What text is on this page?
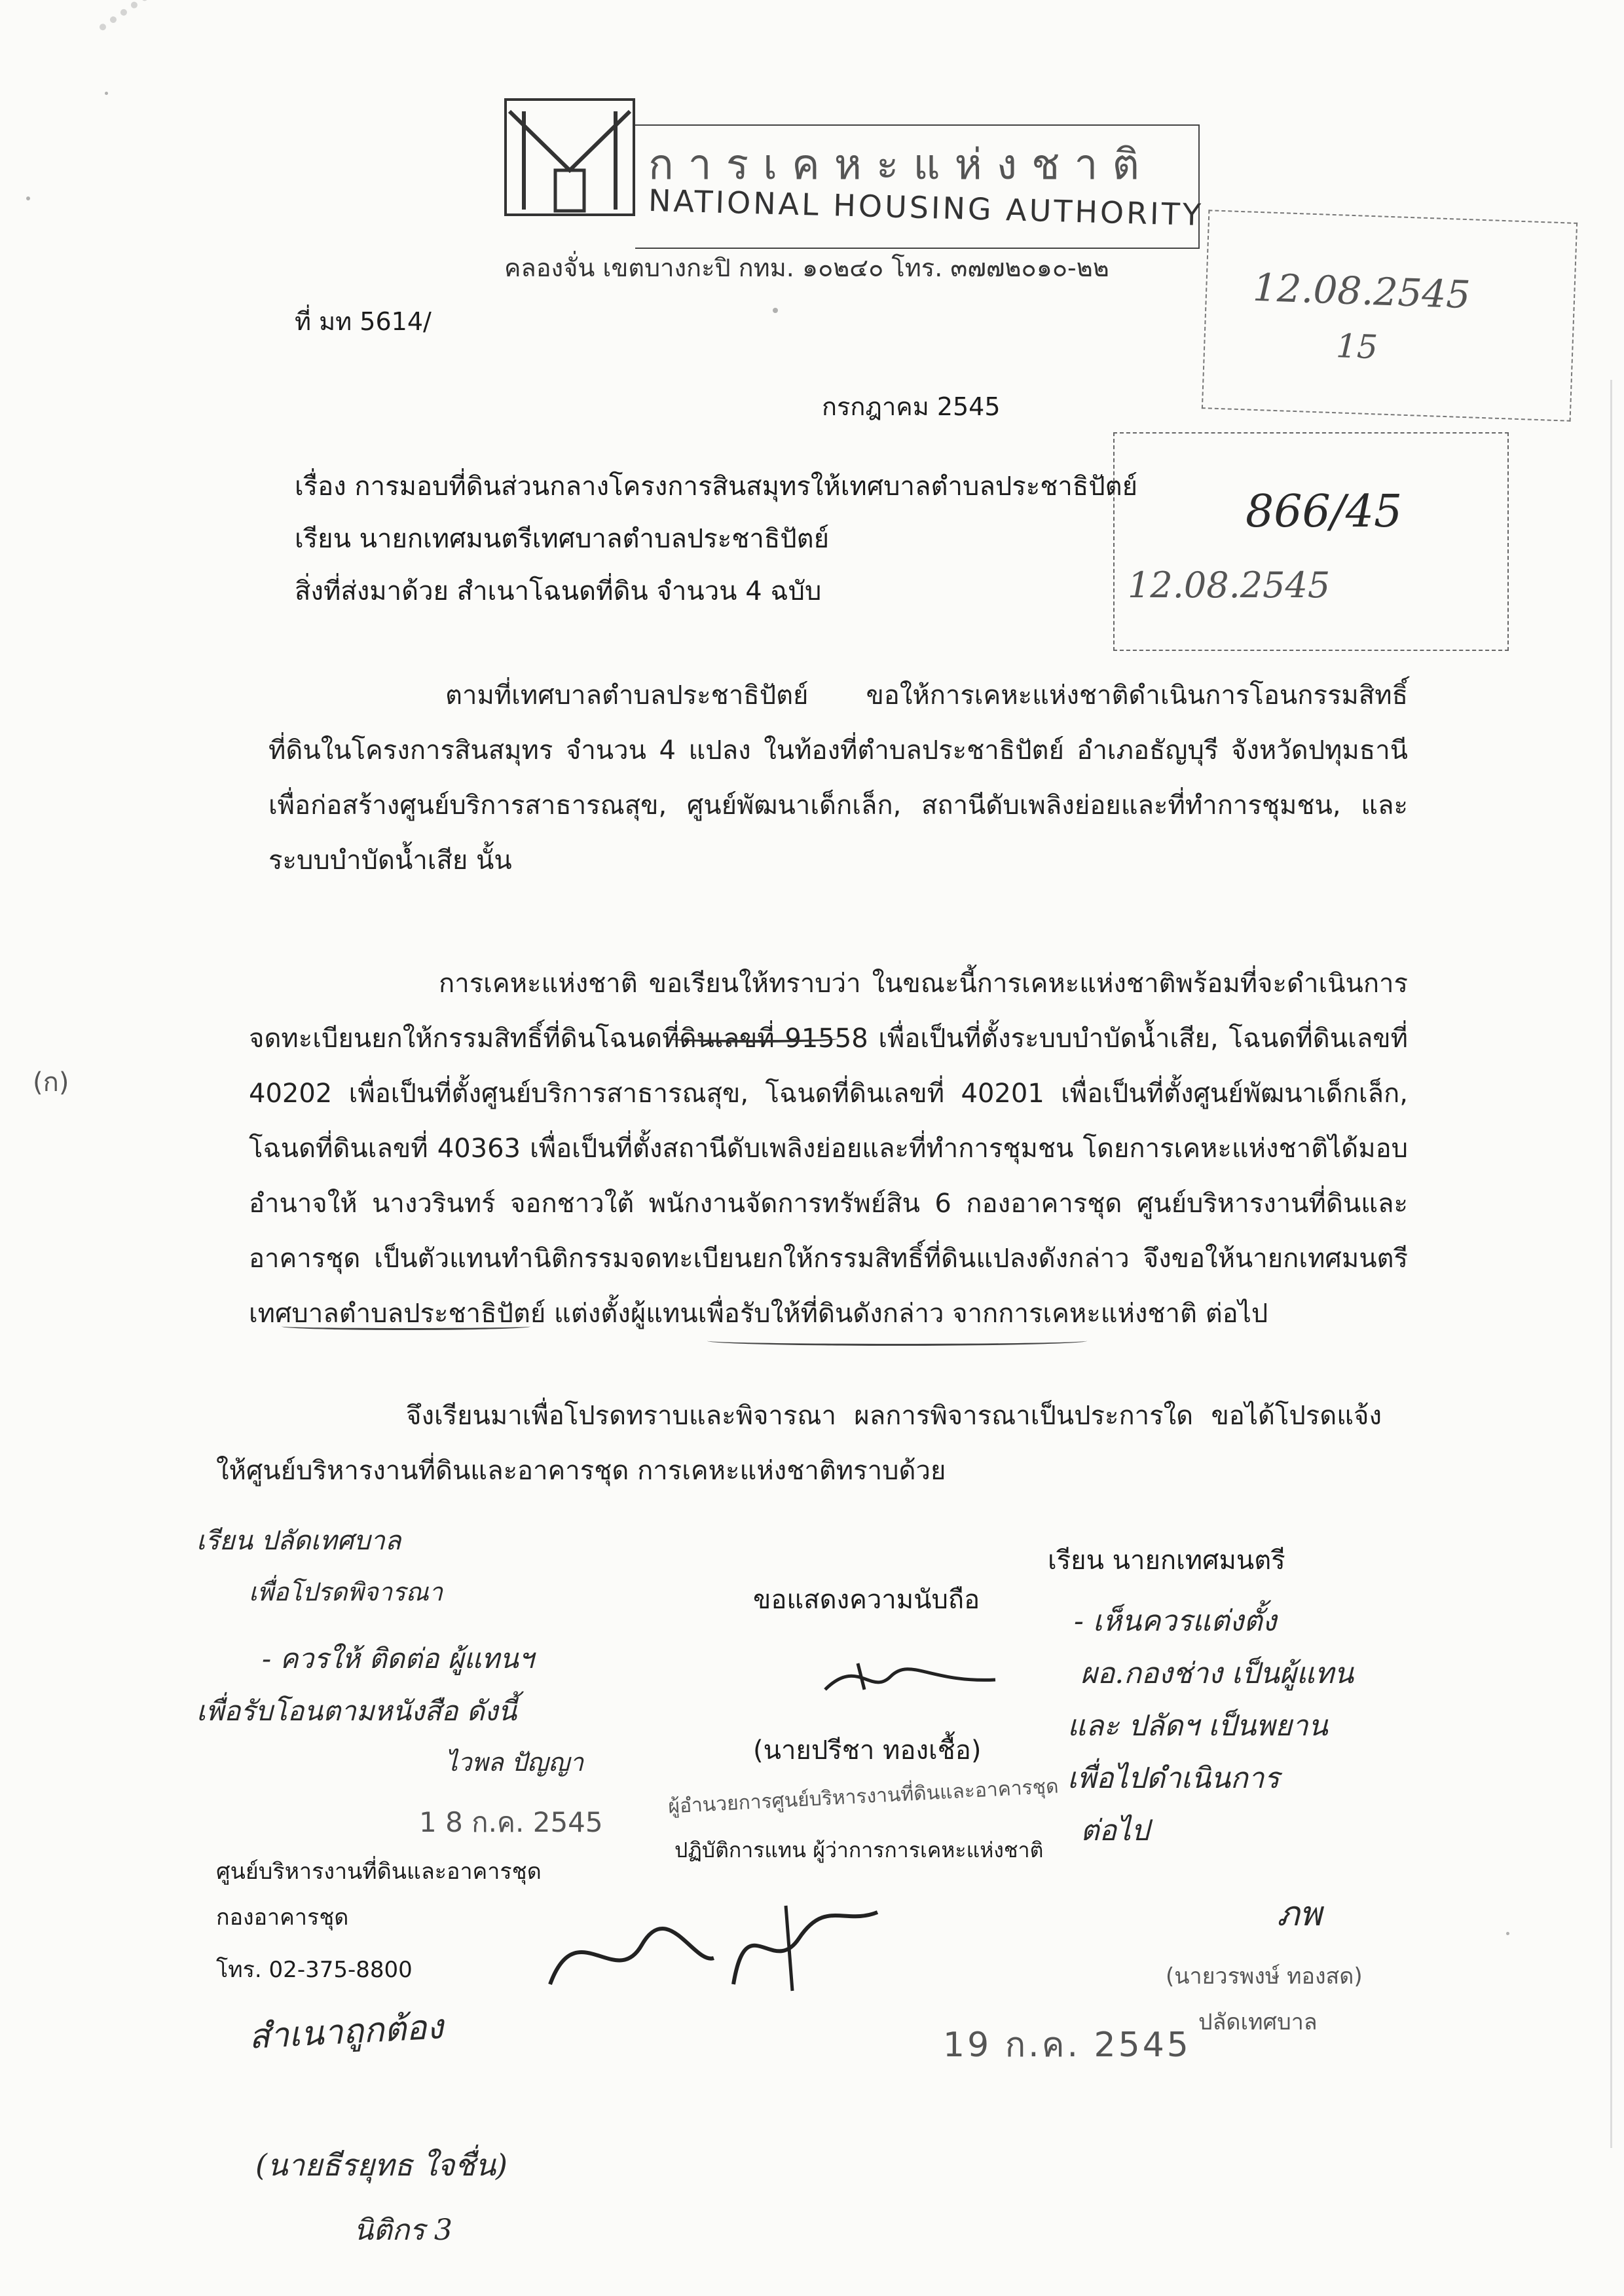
(ก)
การเคหะแห่งชาติ
NATIONAL HOUSING AUTHORITY
คลองจั่น เขตบางกะปิ กทม. ๑๐๒๔๐ โทร. ๓๗๗๒๐๑๐-๒๒	12.08.2545
15
866/45
12.08.2545
ที่ มท 5614/
กรกฎาคม 2545
เรื่อง การมอบที่ดินส่วนกลางโครงการสินสมุทรให้เทศบาลตำบลประชาธิปัตย์
เรียน นายกเทศมนตรีเทศบาลตำบลประชาธิปัตย์
สิ่งที่ส่งมาด้วย สำเนาโฉนดที่ดิน จำนวน 4 ฉบับ
ตามที่เทศบาลตำบลประชาธิปัตย์ ขอให้การเคหะแห่งชาติดำเนินการโอนกรรมสิทธิ์ที่ดินในโครงการสินสมุทร จำนวน 4 แปลง ในท้องที่ตำบลประชาธิปัตย์ อำเภอธัญบุรี จังหวัดปทุมธานี เพื่อก่อสร้างศูนย์บริการสาธารณสุข, ศูนย์พัฒนาเด็กเล็ก, สถานีดับเพลิงย่อยและที่ทำการชุมชน, และระบบบำบัดน้ำเสีย นั้น
การเคหะแห่งชาติ ขอเรียนให้ทราบว่า ในขณะนี้การเคหะแห่งชาติพร้อมที่จะดำเนินการจดทะเบียนยกให้กรรมสิทธิ์ที่ดินโฉนดที่ดินเลขที่ 91558 เพื่อเป็นที่ตั้งระบบบำบัดน้ำเสีย, โฉนดที่ดินเลขที่ 40202 เพื่อเป็นที่ตั้งศูนย์บริการสาธารณสุข, โฉนดที่ดินเลขที่ 40201 เพื่อเป็นที่ตั้งศูนย์พัฒนาเด็กเล็ก, โฉนดที่ดินเลขที่ 40363 เพื่อเป็นที่ตั้งสถานีดับเพลิงย่อยและที่ทำการชุมชน โดยการเคหะแห่งชาติได้มอบอำนาจให้ นางวรินทร์ จอกชาวใต้ พนักงานจัดการทรัพย์สิน 6 กองอาคารชุด ศูนย์บริหารงานที่ดินและอาคารชุด เป็นตัวแทนทำนิติกรรมจดทะเบียนยกให้กรรมสิทธิ์ที่ดินแปลงดังกล่าว จึงขอให้นายกเทศมนตรีเทศบาลตำบลประชาธิปัตย์ แต่งตั้งผู้แทนเพื่อรับให้ที่ดินดังกล่าว จากการเคหะแห่งชาติ ต่อไป
จึงเรียนมาเพื่อโปรดทราบและพิจารณา ผลการพิจารณาเป็นประการใด ขอได้โปรดแจ้งให้ศูนย์บริหารงานที่ดินและอาคารชุด การเคหะแห่งชาติทราบด้วย
ขอแสดงความนับถือ
(นายปรีชา ทองเชื้อ)
ผู้อำนวยการศูนย์บริหารงานที่ดินและอาคารชุด
ปฏิบัติการแทน ผู้ว่าการการเคหะแห่งชาติ
ศูนย์บริหารงานที่ดินและอาคารชุด
กองอาคารชุด
โทร. 02-375-8800
เรียน ปลัดเทศบาล
เพื่อโปรดพิจารณา
- ควรให้ ติดต่อ ผู้แทนฯ
เพื่อรับโอนตามหนังสือ ดังนี้
ไวพล ปัญญา
1 8 ก.ค. 2545
เรียน นายกเทศมนตรี
- เห็นควรแต่งตั้ง
ผอ.กองช่าง เป็นผู้แทน
และ ปลัดฯ เป็นพยาน
เพื่อไปดำเนินการ
ต่อไป
ภพ
(นายวรพงษ์ ทองสด)
ปลัดเทศบาล
19 ก.ค. 2545
สำเนาถูกต้อง
(นายธีรยุทธ ใจชื่น)
นิติกร 3
